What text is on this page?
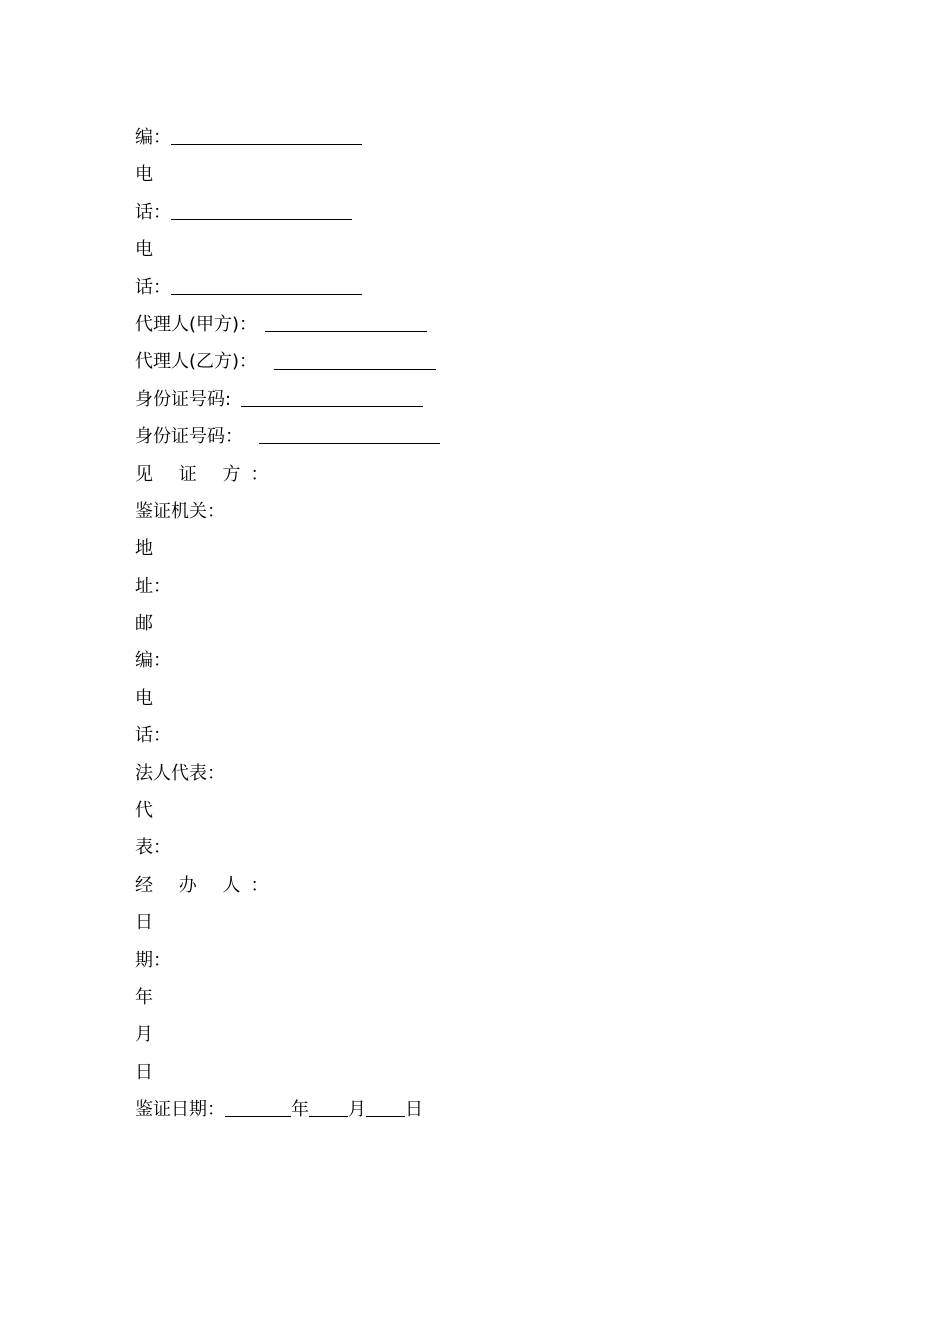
编：
电
话：
电
话：
代理人(甲方)：
代理人(乙方)：
身份证号码:
身份证号码：
见 证 方：
鉴证机关：
地
址：
邮
编：
电
话：
法人代表：
代
表：
经 办 人：
日
期：
年
月
日
鉴证日期：	年 月 日
